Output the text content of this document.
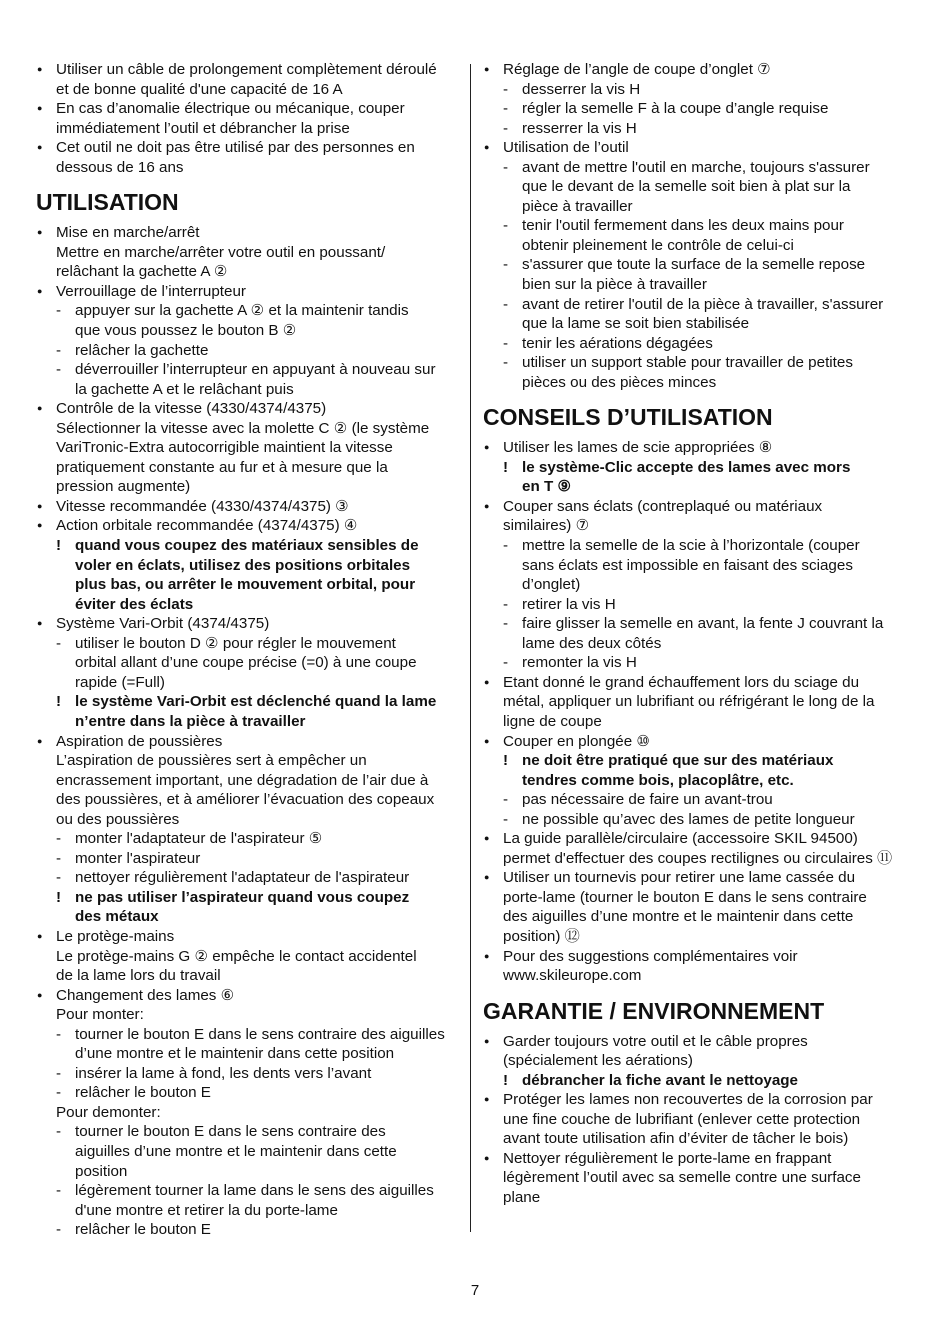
● Utiliser un câble de prolongement complètement déroulé
et de bonne qualité d'une capacité de 16 A
● En cas d’anomalie électrique ou mécanique, couper
immédiatement l’outil et débrancher la prise
● Cet outil ne doit pas être utilisé par des personnes en
dessous de 16 ans
UTILISATION
● Mise en marche/arrêt
Mettre en marche/arrêter votre outil en poussant/
relâchant la gachette A ②
● Verrouillage de l’interrupteur
- appuyer sur la gachette A ② et la maintenir tandis
que vous poussez le bouton B ②
- relâcher la gachette
- déverrouiller l’interrupteur en appuyant à nouveau sur
la gachette A et le relâchant puis
● Contrôle de la vitesse (4330/4374/4375)
Sélectionner la vitesse avec la molette C ② (le système
VariTronic-Extra autocorrigible maintient la vitesse
pratiquement constante au fur et à mesure que la
pression augmente)
● Vitesse recommandée (4330/4374/4375) ③
● Action orbitale recommandée (4374/4375) ④
! quand vous coupez des matériaux sensibles de
voler en éclats, utilisez des positions orbitales
plus bas, ou arrêter le mouvement orbital, pour
éviter des éclats
● Système Vari-Orbit (4374/4375)
- utiliser le bouton D ② pour régler le mouvement
orbital allant d’une coupe précise (=0) à une coupe
rapide (=Full)
! le système Vari-Orbit est déclenché quand la lame
n’entre dans la pièce à travailler
● Aspiration de poussières
L’aspiration de poussières sert à empêcher un
encrassement important, une dégradation de l’air due à
des poussières, et à améliorer l’évacuation des copeaux
ou des poussières
- monter l'adaptateur de l'aspirateur ⑤
- monter l'aspirateur
- nettoyer régulièrement l'adaptateur de l'aspirateur
! ne pas utiliser l’aspirateur quand vous coupez
des métaux
● Le protège-mains
Le protège-mains G ② empêche le contact accidentel
de la lame lors du travail
● Changement des lames ⑥
Pour monter:
- tourner le bouton E dans le sens contraire des aiguilles
d’une montre et le maintenir dans cette position
- insérer la lame à fond, les dents vers l’avant
- relâcher le bouton E
Pour demonter:
- tourner le bouton E dans le sens contraire des
aiguilles d’une montre et le maintenir dans cette
position
- légèrement tourner la lame dans le sens des aiguilles
d'une montre et retirer la du porte-lame
- relâcher le bouton E
● Réglage de l’angle de coupe d’onglet ⑦
- desserrer la vis H
- régler la semelle F à la coupe d’angle requise
- resserrer la vis H
● Utilisation de l’outil
- avant de mettre l'outil en marche, toujours s'assurer
que le devant de la semelle soit bien à plat sur la
pièce à travailler
- tenir l'outil fermement dans les deux mains pour
obtenir pleinement le contrôle de celui-ci
- s'assurer que toute la surface de la semelle repose
bien sur la pièce à travailler
- avant de retirer l'outil de la pièce à travailler, s'assurer
que la lame se soit bien stabilisée
- tenir les aérations dégagées
- utiliser un support stable pour travailler de petites
pièces ou des pièces minces
CONSEILS D’UTILISATION
● Utiliser les lames de scie appropriées ⑧
! le système-Clic accepte des lames avec mors
en T ⑨
● Couper sans éclats (contreplaqué ou matériaux
similaires) ⑦
- mettre la semelle de la scie à l’horizontale (couper
sans éclats est impossible en faisant des sciages
d’onglet)
- retirer la vis H
- faire glisser la semelle en avant, la fente J couvrant la
lame des deux côtés
- remonter la vis H
● Etant donné le grand échauffement lors du sciage du
métal, appliquer un lubrifiant ou réfrigérant le long de la
ligne de coupe
● Couper en plongée ⑩
! ne doit être pratiqué que sur des matériaux
tendres comme bois, placoplâtre, etc.
- pas nécessaire de faire un avant-trou
- ne possible qu’avec des lames de petite longueur
● La guide parallèle/circulaire (accessoire SKIL 94500)
permet d'effectuer des coupes rectilignes ou circulaires ⑪
● Utiliser un tournevis pour retirer une lame cassée du
porte-lame (tourner le bouton E dans le sens contraire
des aiguilles d’une montre et le maintenir dans cette
position) ⑫
● Pour des suggestions complémentaires voir
www.skileurope.com
GARANTIE / ENVIRONNEMENT
● Garder toujours votre outil et le câble propres
(spécialement les aérations)
! débrancher la fiche avant le nettoyage
● Protéger les lames non recouvertes de la corrosion par
une fine couche de lubrifiant (enlever cette protection
avant toute utilisation afin d’éviter de tâcher le bois)
● Nettoyer régulièrement le porte-lame en frappant
légèrement l’outil avec sa semelle contre une surface
plane
7
